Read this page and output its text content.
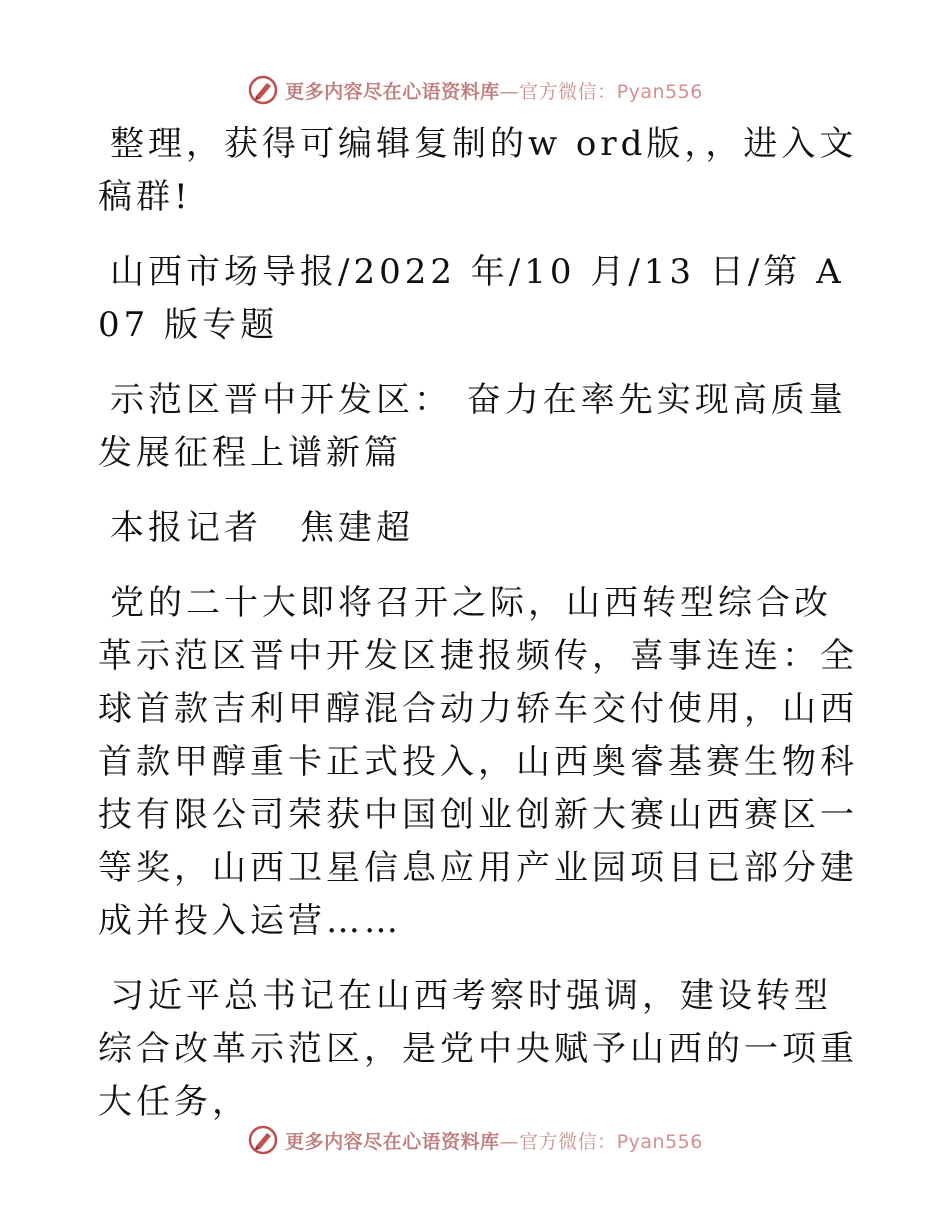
更多内容尽在心语资料库—官方微信：Pyan556

整理，获得可编辑复制的w ord版，，进入文稿群!

山西市场导报/2022 年/10 月/13 日/第 A07 版专题

示范区晋中开发区： 奋力在率先实现高质量发展征程上谱新篇

本报记者　焦建超

党的二十大即将召开之际，山西转型综合改革示范区晋中开发区捷报频传，喜事连连：全球首款吉利甲醇混合动力轿车交付使用，山西首款甲醇重卡正式投入，山西奥睿基赛生物科技有限公司荣获中国创业创新大赛山西赛区一等奖，山西卫星信息应用产业园项目已部分建成并投入运营……

习近平总书记在山西考察时强调，建设转型综合改革示范区，是党中央赋予山西的一项重大任务，

更多内容尽在心语资料库—官方微信：Pyan556
